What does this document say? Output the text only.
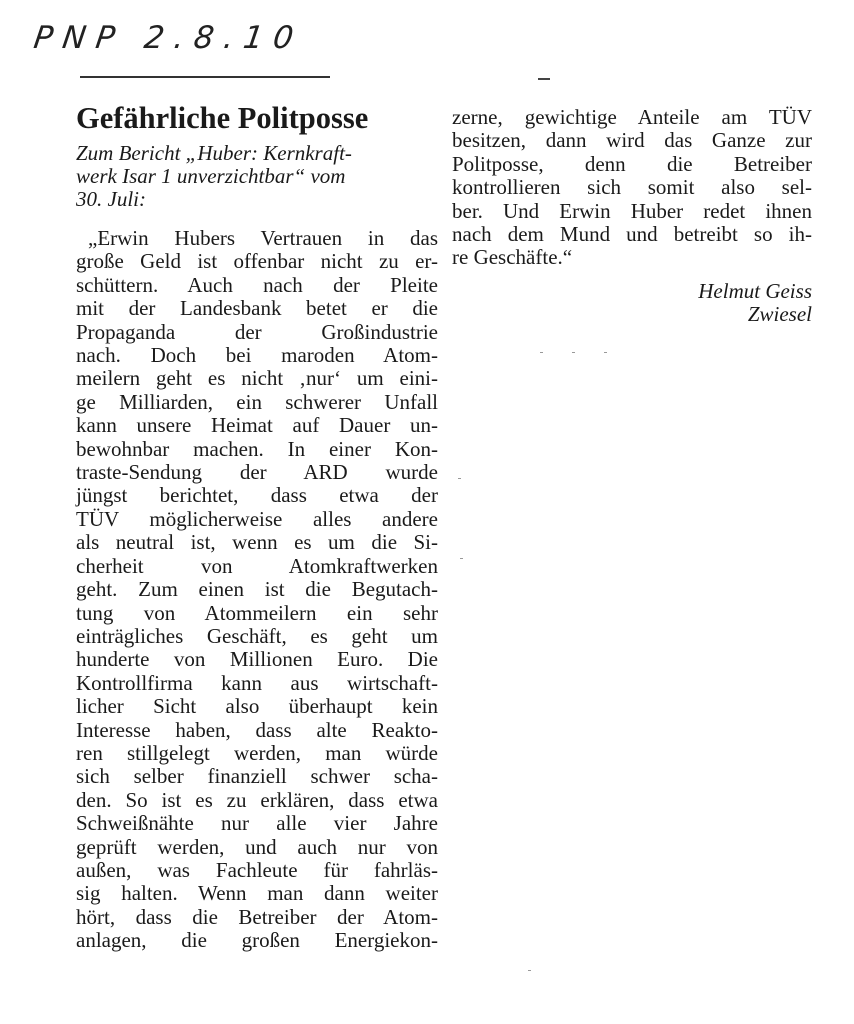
PNP 2.8.10
Gefährliche Politposse
Zum Bericht „Huber: Kernkraft-
werk Isar 1 unverzichtbar“ vom
30. Juli:
„Erwin Hubers Vertrauen in das
große Geld ist offenbar nicht zu er-
schüttern. Auch nach der Pleite
mit der Landesbank betet er die
Propaganda der Großindustrie
nach. Doch bei maroden Atom-
meilern geht es nicht ‚nur‘ um eini-
ge Milliarden, ein schwerer Unfall
kann unsere Heimat auf Dauer un-
bewohnbar machen. In einer Kon-
traste-Sendung der ARD wurde
jüngst berichtet, dass etwa der
TÜV möglicherweise alles andere
als neutral ist, wenn es um die Si-
cherheit von Atomkraftwerken
geht. Zum einen ist die Begutach-
tung von Atommeilern ein sehr
einträgliches Geschäft, es geht um
hunderte von Millionen Euro. Die
Kontrollfirma kann aus wirtschaft-
licher Sicht also überhaupt kein
Interesse haben, dass alte Reakto-
ren stillgelegt werden, man würde
sich selber finanziell schwer scha-
den. So ist es zu erklären, dass etwa
Schweißnähte nur alle vier Jahre
geprüft werden, und auch nur von
außen, was Fachleute für fahrläs-
sig halten. Wenn man dann weiter
hört, dass die Betreiber der Atom-
anlagen, die großen Energiekon-
zerne, gewichtige Anteile am TÜV
besitzen, dann wird das Ganze zur
Politposse, denn die Betreiber
kontrollieren sich somit also sel-
ber. Und Erwin Huber redet ihnen
nach dem Mund und betreibt so ih-
re Geschäfte.“
Helmut Geiss
Zwiesel
